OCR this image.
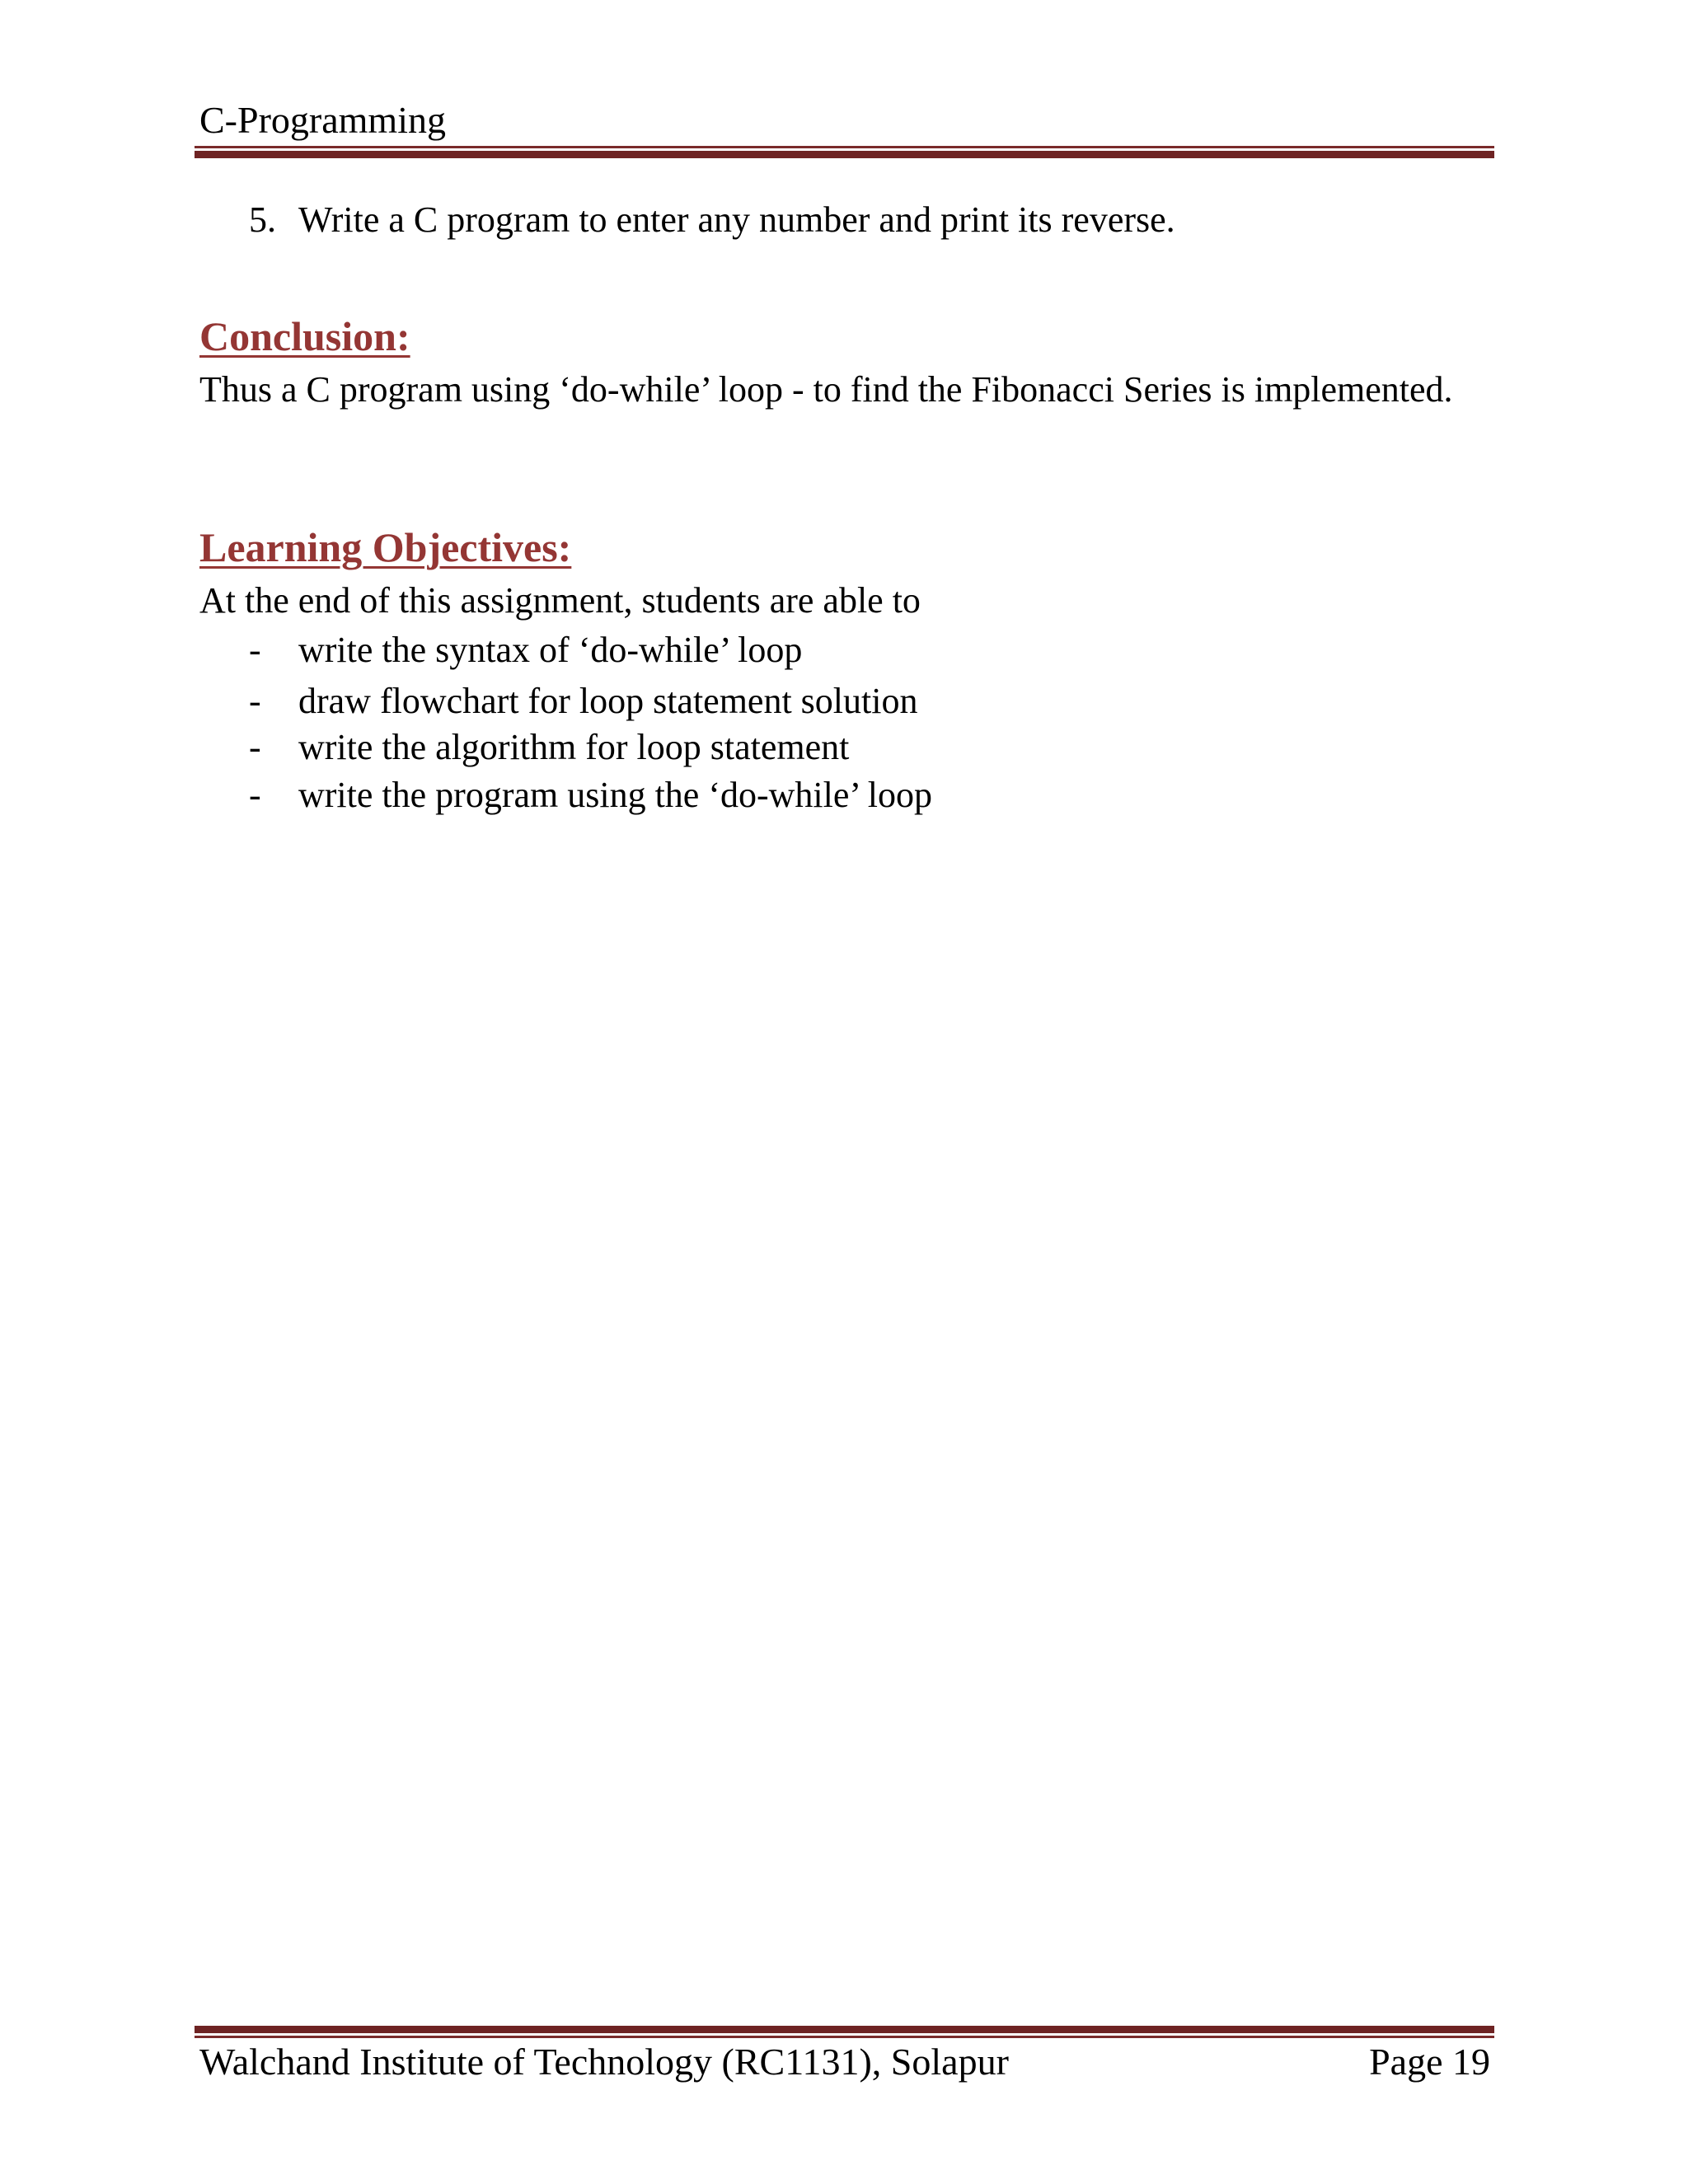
C-Programming
5. Write a C program to enter any number and print its reverse.
Conclusion:
Thus a C program using ‘do-while’ loop - to find the Fibonacci Series is implemented.
Learning Objectives:
At the end of this assignment, students are able to
- write the syntax of ‘do-while’ loop
- draw flowchart for loop statement solution
- write the algorithm for loop statement
- write the program using the ‘do-while’ loop
Walchand Institute of Technology (RC1131), Solapur	Page 19
